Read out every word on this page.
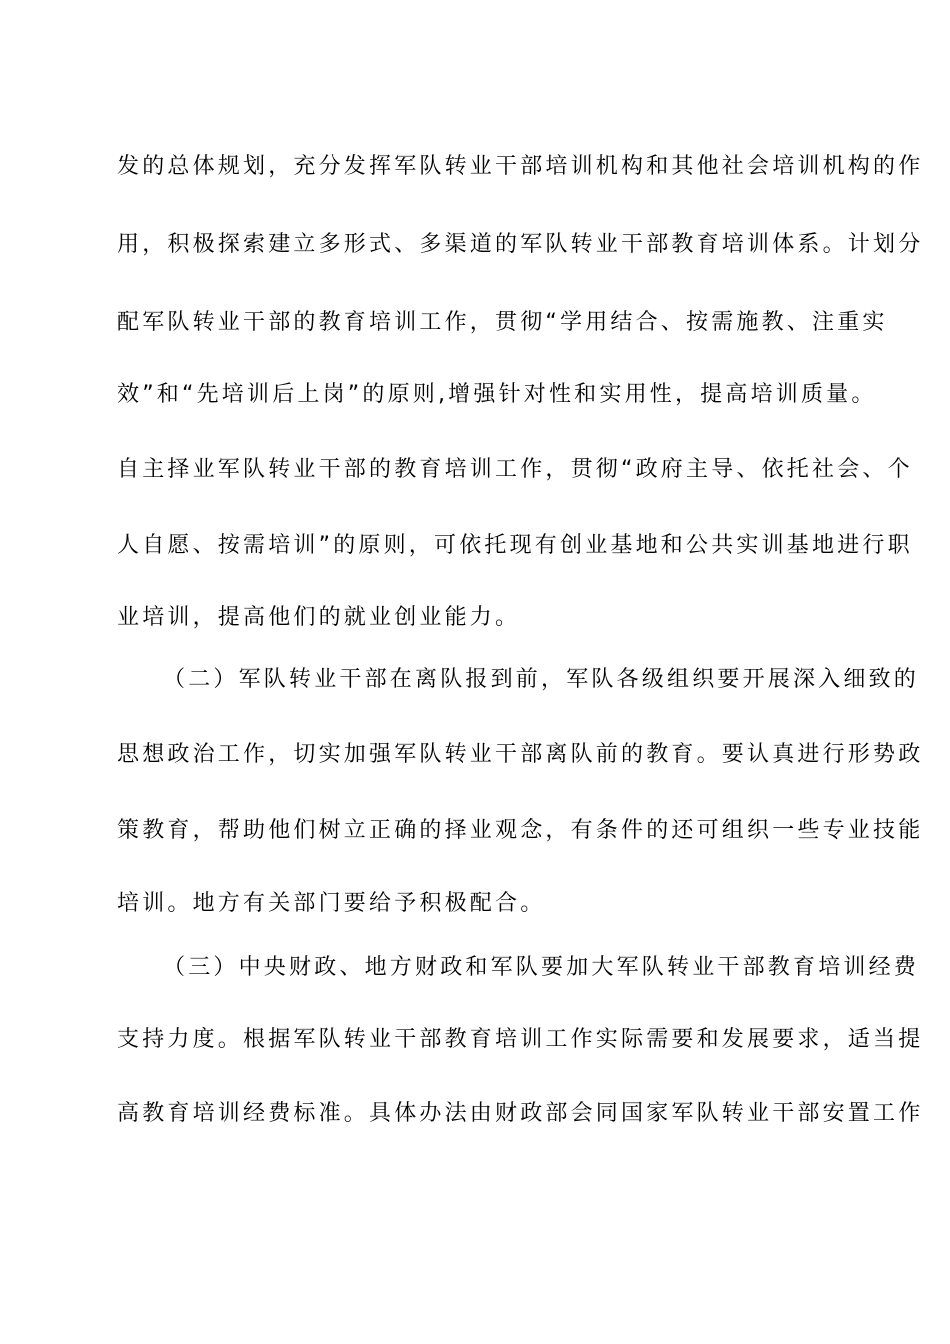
发的总体规划，充分发挥军队转业干部培训机构和其他社会培训机构的作
用，积极探索建立多形式、多渠道的军队转业干部教育培训体系。计划分
配军队转业干部的教育培训工作，贯彻“学用结合、按需施教、注重实
效”和“先培训后上岗”的原则,增强针对性和实用性，提高培训质量。
自主择业军队转业干部的教育培训工作，贯彻“政府主导、依托社会、个
人自愿、按需培训”的原则，可依托现有创业基地和公共实训基地进行职
业培训，提高他们的就业创业能力。
（二）军队转业干部在离队报到前，军队各级组织要开展深入细致的
思想政治工作，切实加强军队转业干部离队前的教育。要认真进行形势政
策教育，帮助他们树立正确的择业观念，有条件的还可组织一些专业技能
培训。地方有关部门要给予积极配合。
（三）中央财政、地方财政和军队要加大军队转业干部教育培训经费
支持力度。根据军队转业干部教育培训工作实际需要和发展要求，适当提
高教育培训经费标准。具体办法由财政部会同国家军队转业干部安置工作
